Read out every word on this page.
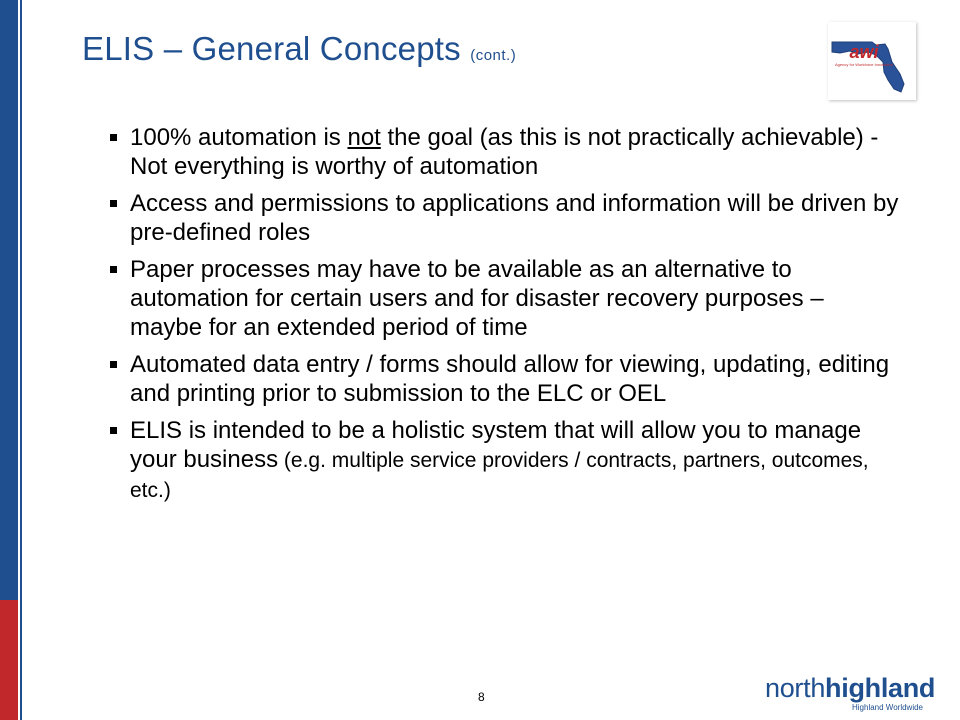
ELIS – General Concepts (cont.)	awi
Agency for Workforce Innovation
100% automation is not the goal (as this is not practically achievable) - Not everything is worthy of automation
Access and permissions to applications and information will be driven by pre-defined roles
Paper processes may have to be available as an alternative to automation for certain users and for disaster recovery purposes – maybe for an extended period of time
Automated data entry / forms should allow for viewing, updating, editing and printing prior to submission to the ELC or OEL
ELIS is intended to be a holistic system that will allow you to manage your business (e.g. multiple service providers / contracts, partners, outcomes, etc.)
8	northhighland
Highland Worldwide
